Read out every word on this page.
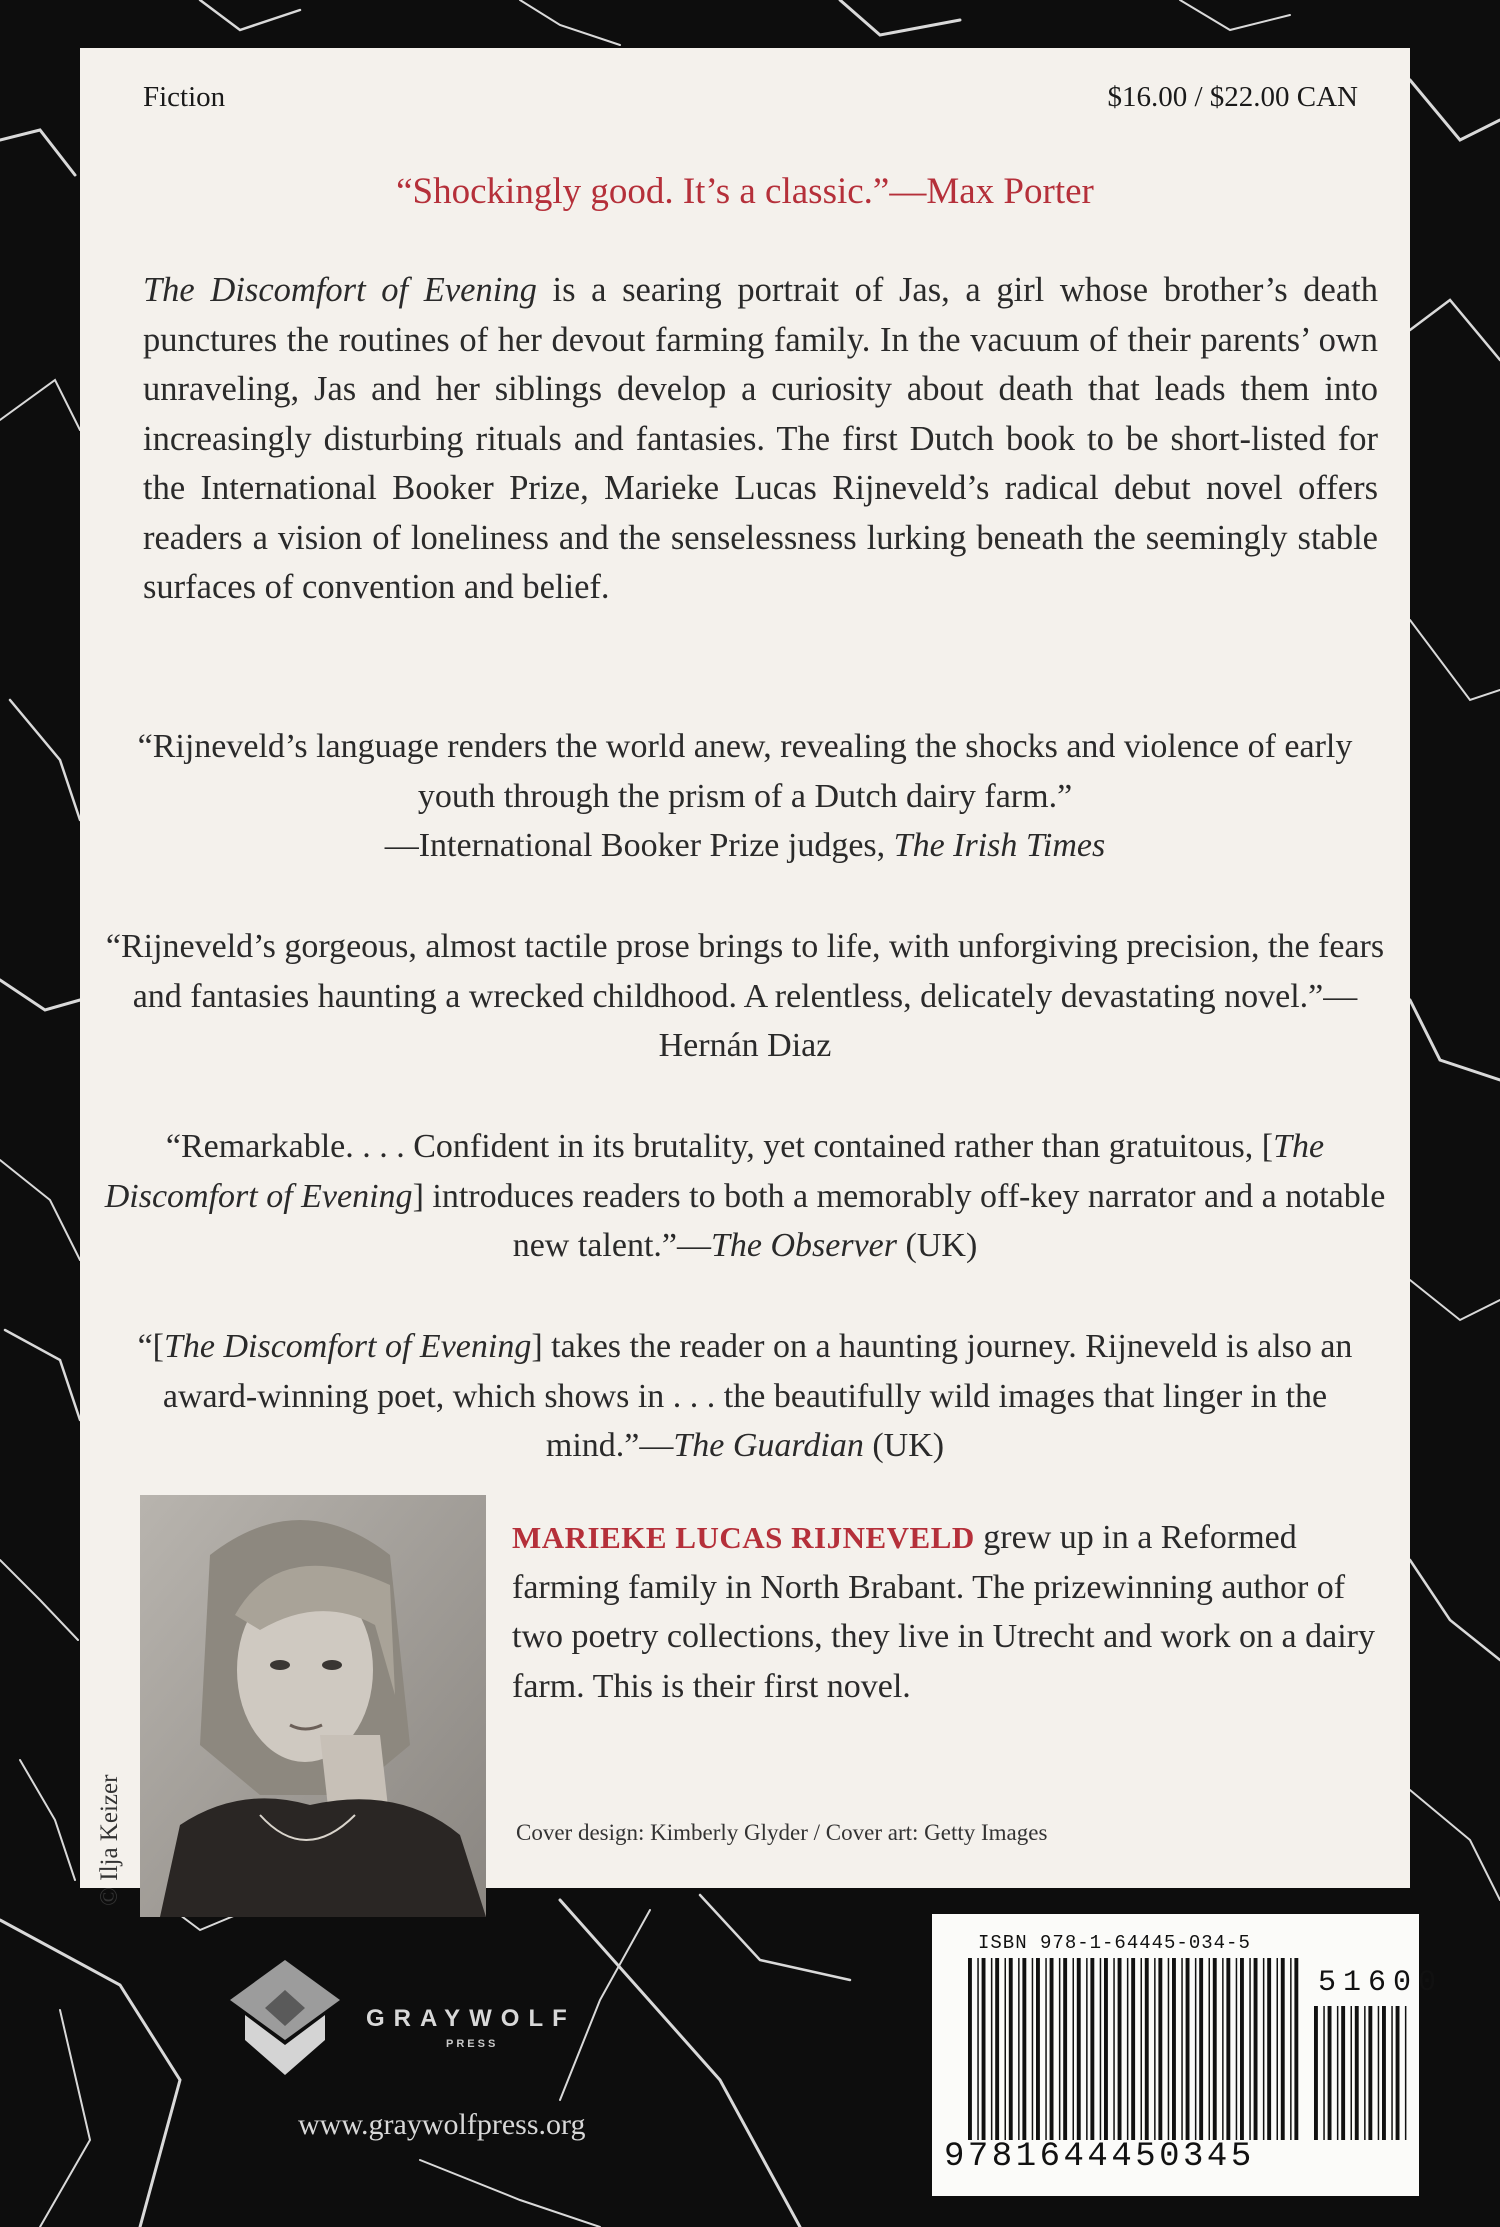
Fiction	$16.00 / $22.00 CAN
“Shockingly good. It’s a classic.”—Max Porter

The Discomfort of Evening is a searing portrait of Jas, a girl whose brother’s death punctures the routines of her devout farming family. In the vacuum of their parents’ own unraveling, Jas and her siblings develop a curiosity about death that leads them into increasingly disturbing rituals and fantasies. The first Dutch book to be short-listed for the International Booker Prize, Marieke Lucas Rijneveld’s radical debut novel offers readers a vision of loneliness and the senselessness lurking beneath the seemingly stable surfaces of convention and belief.

“Rijneveld’s language renders the world anew, revealing the shocks and violence of early youth through the prism of a Dutch dairy farm.”
—International Booker Prize judges, The Irish Times

“Rijneveld’s gorgeous, almost tactile prose brings to life, with unforgiving precision, the fears and fantasies haunting a wrecked childhood. A relentless, delicately devastating novel.”—Hernán Diaz

“Remarkable. . . . Confident in its brutality, yet contained rather than gratuitous, [The Discomfort of Evening] introduces readers to both a memorably off-key narrator and a notable new talent.”—The Observer (UK)

“[The Discomfort of Evening] takes the reader on a haunting journey. Rijneveld is also an award-winning poet, which shows in . . . the beautifully wild images that linger in the mind.”—The Guardian (UK)

© Ilja Keizer

MARIEKE LUCAS RIJNEVELD grew up in a Reformed farming family in North Brabant. The prizewinning author of two poetry collections, they live in Utrecht and work on a dairy farm. This is their first novel.

Cover design: Kimberly Glyder / Cover art: Getty Images
GRAYWOLF
PRESS
www.graywolfpress.org
ISBN 978-1-64445-034-5
9781644450345
51600
